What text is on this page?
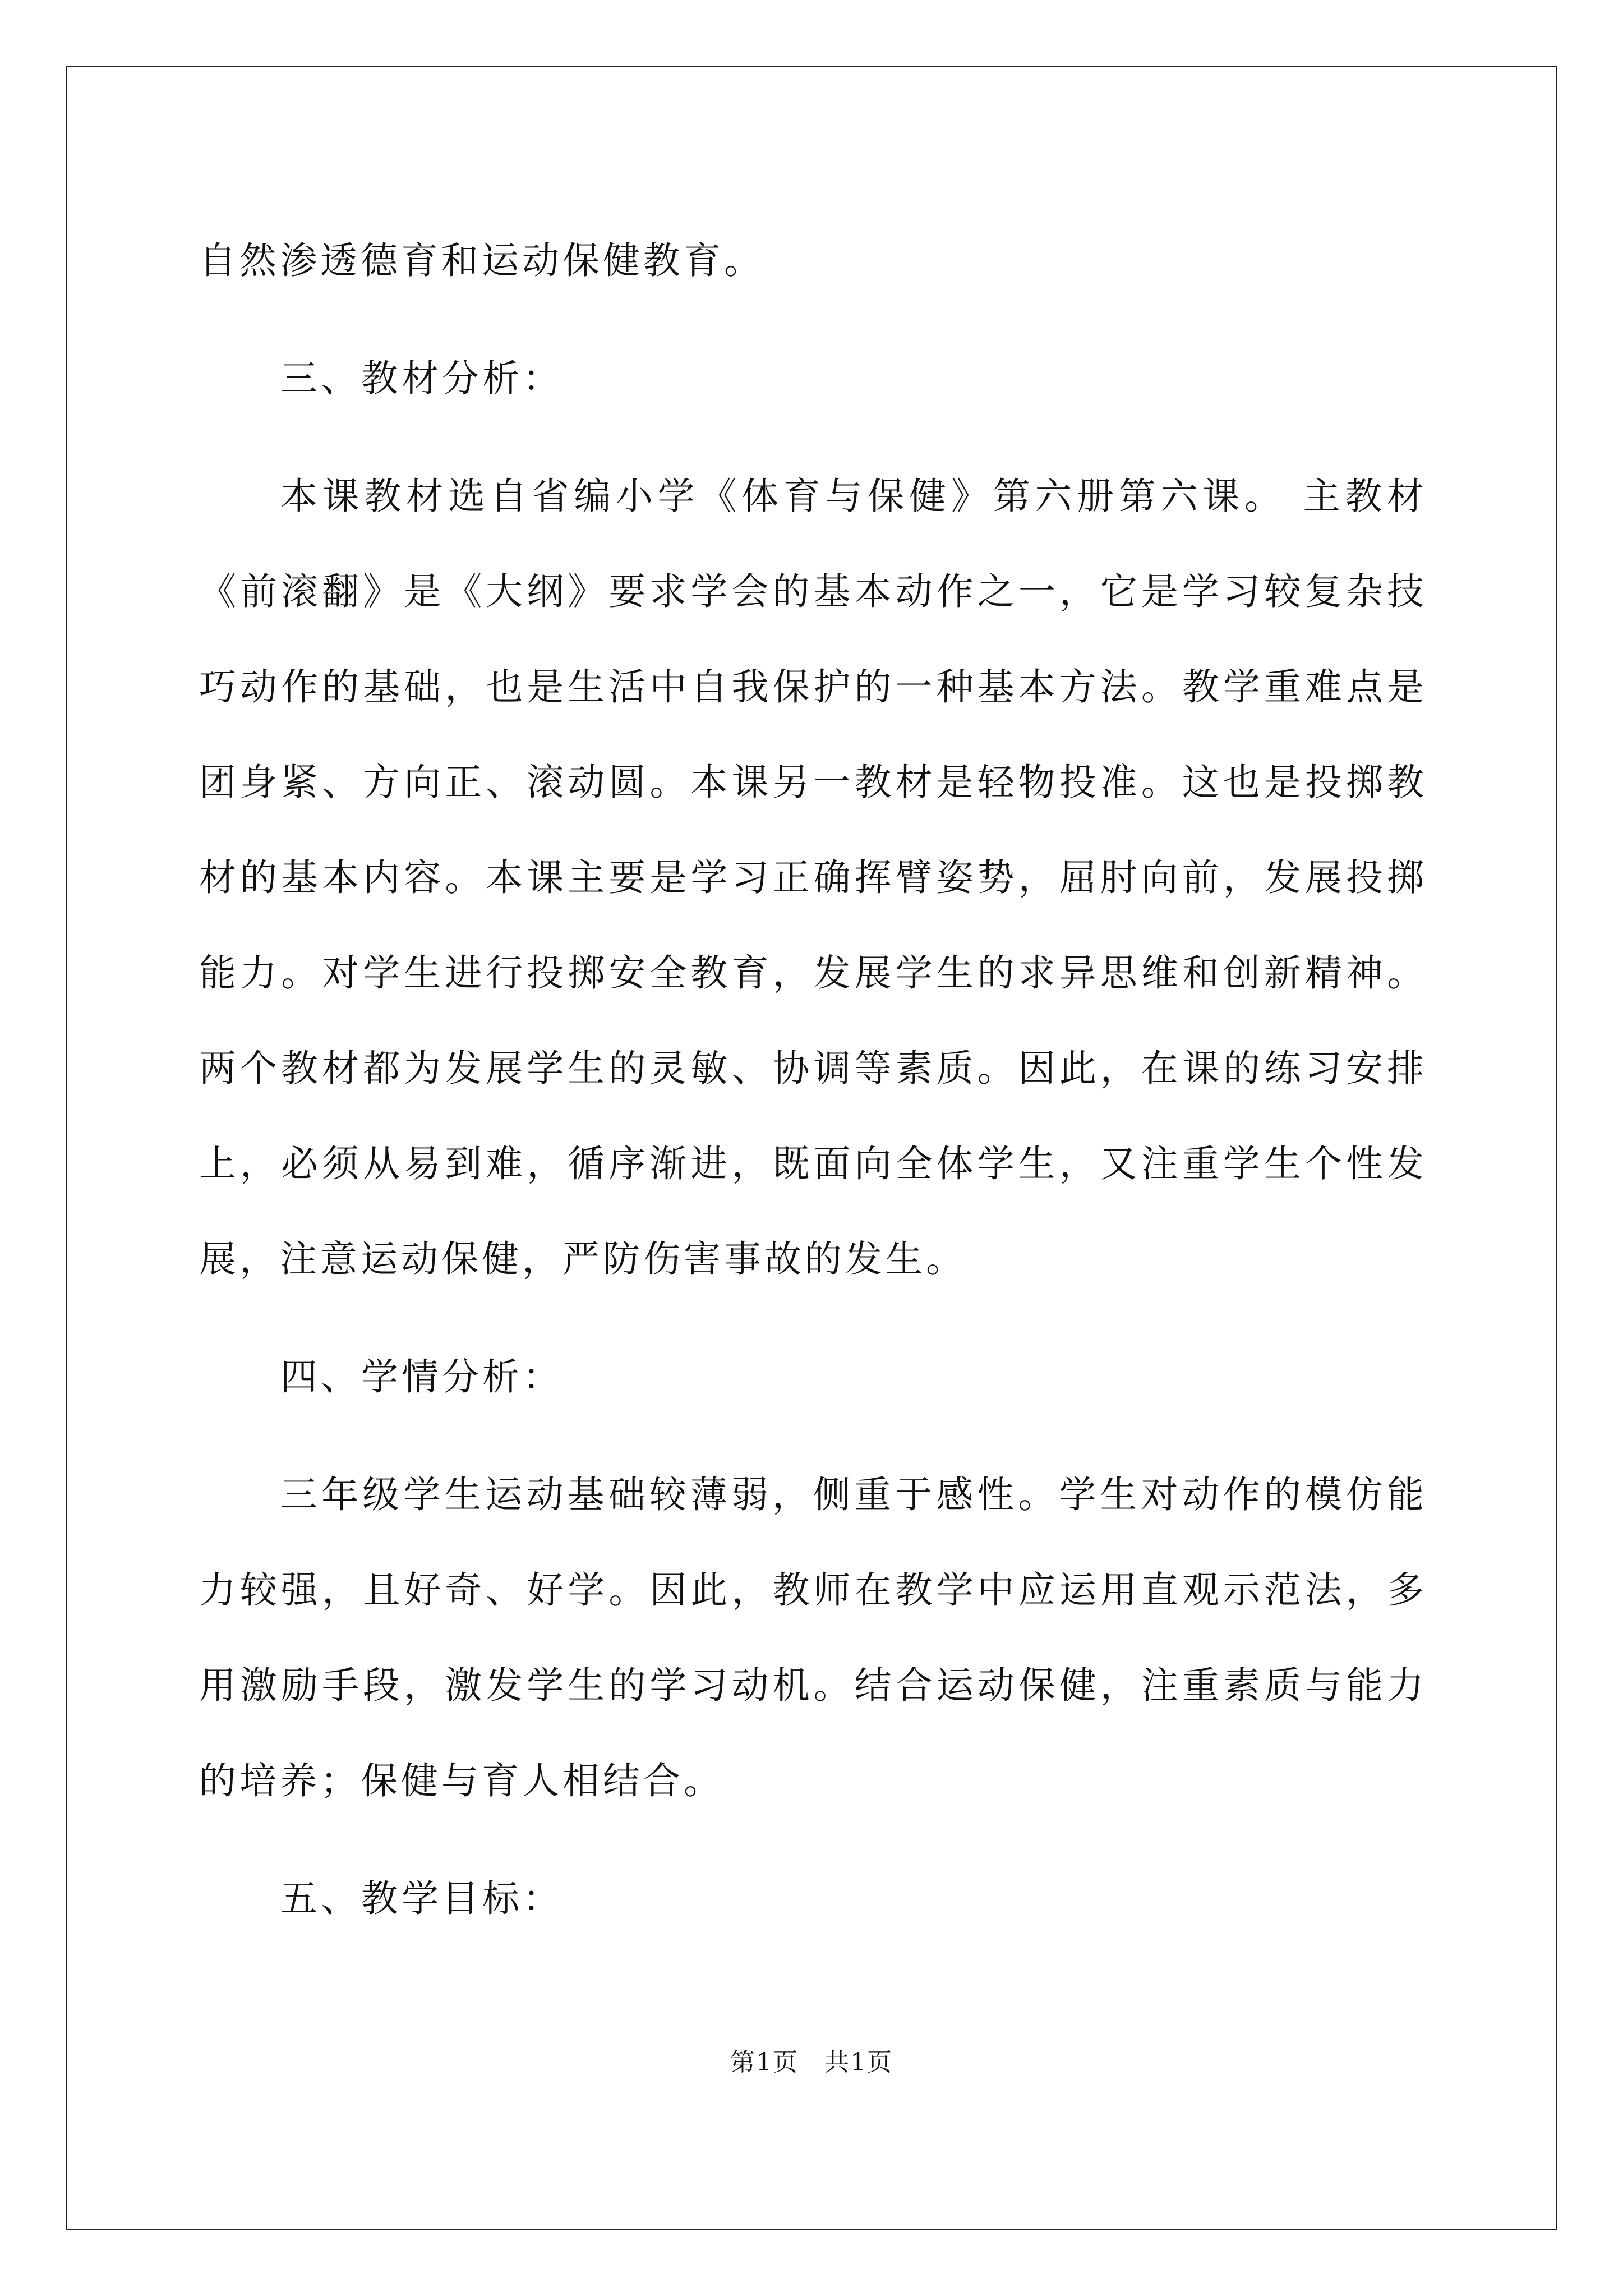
自然渗透德育和运动保健教育。
三、教材分析：
本课教材选自省编小学《体育与保健》第六册第六课。 主教材
《前滚翻》是《大纲》要求学会的基本动作之一，它是学习较复杂技
巧动作的基础，也是生活中自我保护的一种基本方法。教学重难点是
团身紧、方向正、滚动圆。本课另一教材是轻物投准。这也是投掷教
材的基本内容。本课主要是学习正确挥臂姿势，屈肘向前，发展投掷
能力。对学生进行投掷安全教育，发展学生的求异思维和创新精神。
两个教材都为发展学生的灵敏、协调等素质。因此，在课的练习安排
上，必须从易到难，循序渐进，既面向全体学生，又注重学生个性发
展，注意运动保健，严防伤害事故的发生。
四、学情分析：
三年级学生运动基础较薄弱，侧重于感性。学生对动作的模仿能
力较强，且好奇、好学。因此，教师在教学中应运用直观示范法，多
用激励手段，激发学生的学习动机。结合运动保健，注重素质与能力
的培养；保健与育人相结合。
五、教学目标：
第1页　共1页
